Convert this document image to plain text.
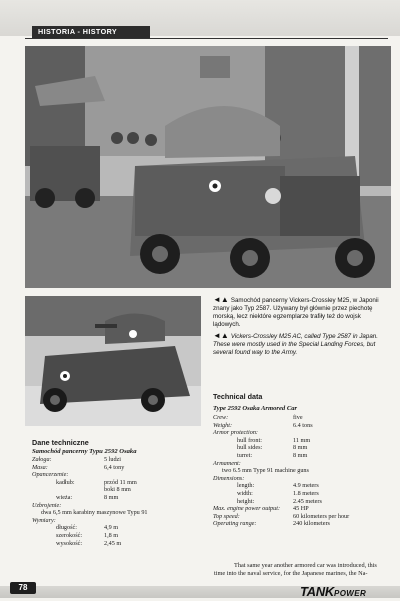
HISTORIA - HISTORY
◄▲ Samochód pancerny Vickers-Crossley M25, w Japonii znany jako Typ 2587. Używany był głównie przez piechotę morską, lecz niektóre egzemplarze trafiły też do wojsk lądowych.
◄▲ Vickers-Crossley M25 AC, called Type 2587 in Japan. These were mostly used in the Special Landing Forces, but several found way to the Army.
Technical data
Type 2592 Osaka Armored Car
Crew:	five
Weight:	6.4 tons
Armor protection:
hull front:	11 mm
hull sides:	8 mm
turret:	8 mm
Armament:
two 6.5 mm Type 91 machine guns
Dimensions:
length:	4.9 meters
width:	1.8 meters
height:	2.45 meters
Max. engine power output: 45 HP
Top speed:	60 kilometers per hour
Operating range:	240 kilometers
Dane techniczne
Samochód pancerny Typu 2592 Osaka
Załoga:	5 ludzi
Masa:	6,4 tony
Opancerzenie:
kadłub:	przód 11 mm
boki 8 mm
wieża:	8 mm
Uzbrojenie:
dwa 6,5 mm karabiny maszynowe Typu 91
Wymiary:
długość:	4,9 m
szerokość:	1,8 m
wysokość:	2,45 m
That same year another armored car was introduced, this
time into the naval service, for the Japanese marines, the Na-
78	TANKPOWER
